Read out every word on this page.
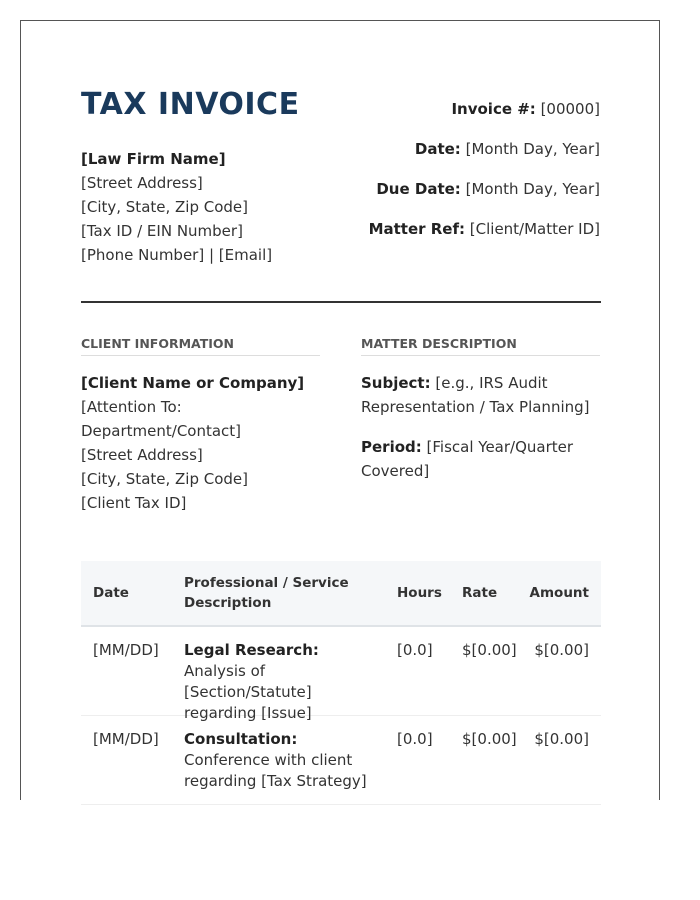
TAX INVOICE
[Law Firm Name]
[Street Address]
[City, State, Zip Code]
[Tax ID / EIN Number]
[Phone Number] | [Email]
Invoice #: [00000]
Date: [Month Day, Year]
Due Date: [Month Day, Year]
Matter Ref: [Client/Matter ID]
CLIENT INFORMATION	MATTER DESCRIPTION
[Client Name or Company]
[Attention To: Department/Contact]
[Street Address]
[City, State, Zip Code]
[Client Tax ID]
Subject: [e.g., IRS Audit Representation / Tax Planning]
Period: [Fiscal Year/Quarter Covered]
Date
Professional / Service Description
Hours Rate Amount
[MM/DD] Legal Research: Analysis of [Section/Statute] regarding [Issue]
[0.0] $[0.00] $[0.00]
[MM/DD] Consultation: Conference with client regarding [Tax Strategy]
[0.0] $[0.00] $[0.00]
